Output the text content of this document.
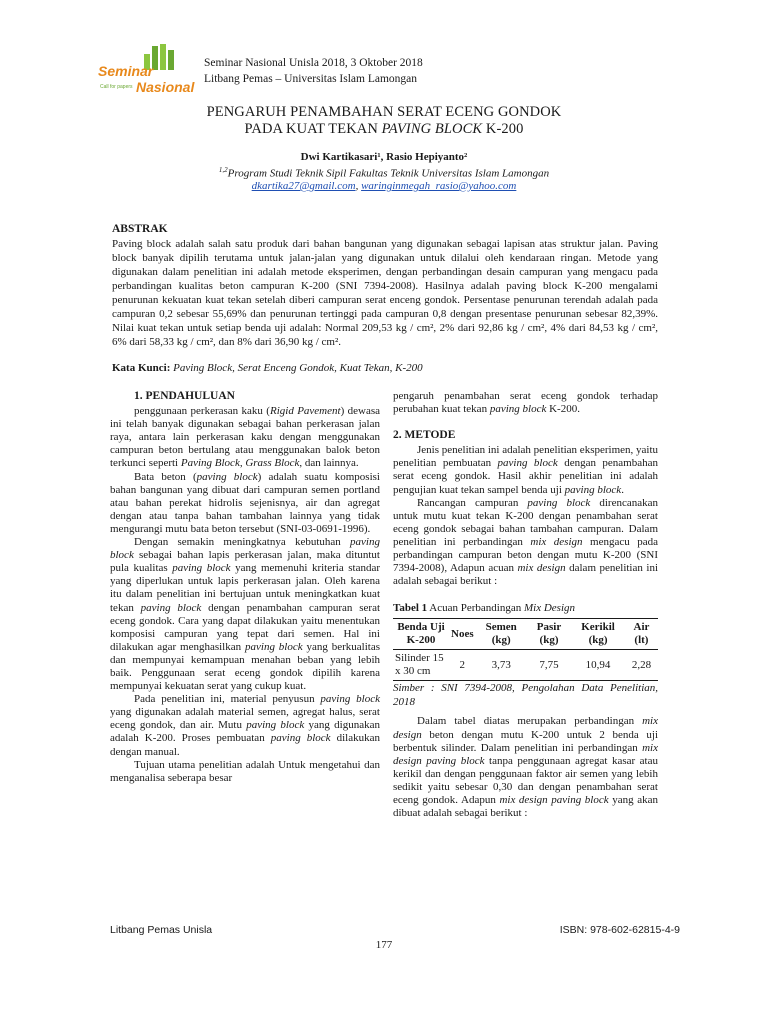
Seminar
Nasional
Call for papers
Seminar Nasional Unisla 2018, 3 Oktober 2018
Litbang Pemas – Universitas Islam Lamongan
PENGARUH PENAMBAHAN SERAT ECENG GONDOK
PADA KUAT TEKAN PAVING BLOCK K-200
Dwi Kartikasari¹, Rasio Hepiyanto²
$^{1,2}$Program Studi Teknik Sipil Fakultas Teknik Universitas Islam Lamongan
dkartika27@gmail.com, waringinmegah_rasio@yahoo.com
ABSTRAK
Paving block adalah salah satu produk dari bahan bangunan yang digunakan sebagai lapisan atas struktur jalan. Paving block banyak dipilih terutama untuk jalan-jalan yang digunakan untuk dilalui oleh kendaraan ringan. Metode yang digunakan dalam penelitian ini adalah metode eksperimen, dengan perbandingan desain campuran yang mengacu pada perbandingan kualitas beton campuran K-200 (SNI 7394-2008). Hasilnya adalah paving block K-200 mengalami penurunan kekuatan kuat tekan setelah diberi campuran serat enceng gondok. Persentase penurunan terendah adalah pada campuran 0,2 sebesar 55,69% dan penurunan tertinggi pada campuran 0,8 dengan presentase penurunan sebesar 82,39%. Nilai kuat tekan untuk setiap benda uji adalah: Normal 209,53 kg / cm², 2% dari 92,86 kg / cm², 4% dari 84,53 kg / cm², 6% dari 58,33 kg / cm², dan 8% dari 36,90 kg / cm².
Kata Kunci: Paving Block, Serat Enceng Gondok, Kuat Tekan, K-200

1. PENDAHULUAN

penggunaan perkerasan kaku (Rigid Pavement) dewasa ini telah banyak digunakan sebagai bahan perkerasan jalan raya, antara lain perkerasan kaku dengan menggunakan campuran beton bertulang atau menggunakan balok beton terkunci seperti Paving Block, Grass Block, dan lainnya.

Bata beton (paving block) adalah suatu komposisi bahan bangunan yang dibuat dari campuran semen portland atau bahan perekat hidrolis sejenisnya, air dan agregat dengan atau tanpa bahan tambahan lainnya yang tidak mengurangi mutu bata beton tersebut (SNI-03-0691-1996).

Dengan semakin meningkatnya kebutuhan paving block sebagai bahan lapis perkerasan jalan, maka dituntut pula kualitas paving block yang memenuhi kriteria standar yang diperlukan untuk lapis perkerasan jalan. Oleh karena itu dalam penelitian ini bertujuan untuk meningkatkan kuat tekan paving block dengan penambahan campuran serat eceng gondok. Cara yang dapat dilakukan yaitu menentukan komposisi campuran yang tepat dari semen. Hal ini dilakukan agar menghasilkan paving block yang berkualitas dan mempunyai kemampuan menahan beban yang lebih baik. Penggunaan serat eceng gondok dipilih karena mempunyai kekuatan serat yang cukup kuat.

Pada penelitian ini, material penyusun paving block yang digunakan adalah material semen, agregat halus, serat eceng gondok, dan air. Mutu paving block yang digunakan adalah K-200. Proses pembuatan paving block dilakukan dengan manual.

Tujuan utama penelitian adalah Untuk mengetahui dan menganalisa seberapa besar

pengaruh penambahan serat eceng gondok terhadap perubahan kuat tekan paving block K-200.

2. METODE

Jenis penelitian ini adalah penelitian eksperimen, yaitu penelitian pembuatan paving block dengan penambahan serat eceng gondok. Hasil akhir penelitian ini adalah pengujian kuat tekan sampel benda uji paving block.

Rancangan campuran paving block direncanakan untuk mutu kuat tekan K-200 dengan penambahan serat eceng gondok sebagai bahan tambahan campuran. Dalam penelitian ini perbandingan mix design mengacu pada perbandingan campuran beton dengan mutu K-200 (SNI 7394-2008), Adapun acuan mix design dalam penelitian ini adalah sebagai berikut :

Tabel 1 Acuan Perbandingan Mix Design

Benda Uji K-200	Noes	Semen (kg)	Pasir (kg)	Kerikil (kg)	Air (lt)
Silinder 15 x 30 cm	2	3,73	7,75	10,94	2,28

Simber : SNI 7394-2008, Pengolahan Data Penelitian, 2018

Dalam tabel diatas merupakan perbandingan mix design beton dengan mutu K-200 untuk 2 benda uji berbentuk silinder. Dalam penelitian ini perbandingan mix design paving block tanpa penggunaan agregat kasar atau kerikil dan dengan penggunaan faktor air semen yang lebih sedikit yaitu sebesar 0,30 dan dengan penambahan serat eceng gondok. Adapun mix design paving block yang akan dibuat adalah sebagai berikut :

Litbang Pemas Unisla	ISBN: 978-602-62815-4-9
177
